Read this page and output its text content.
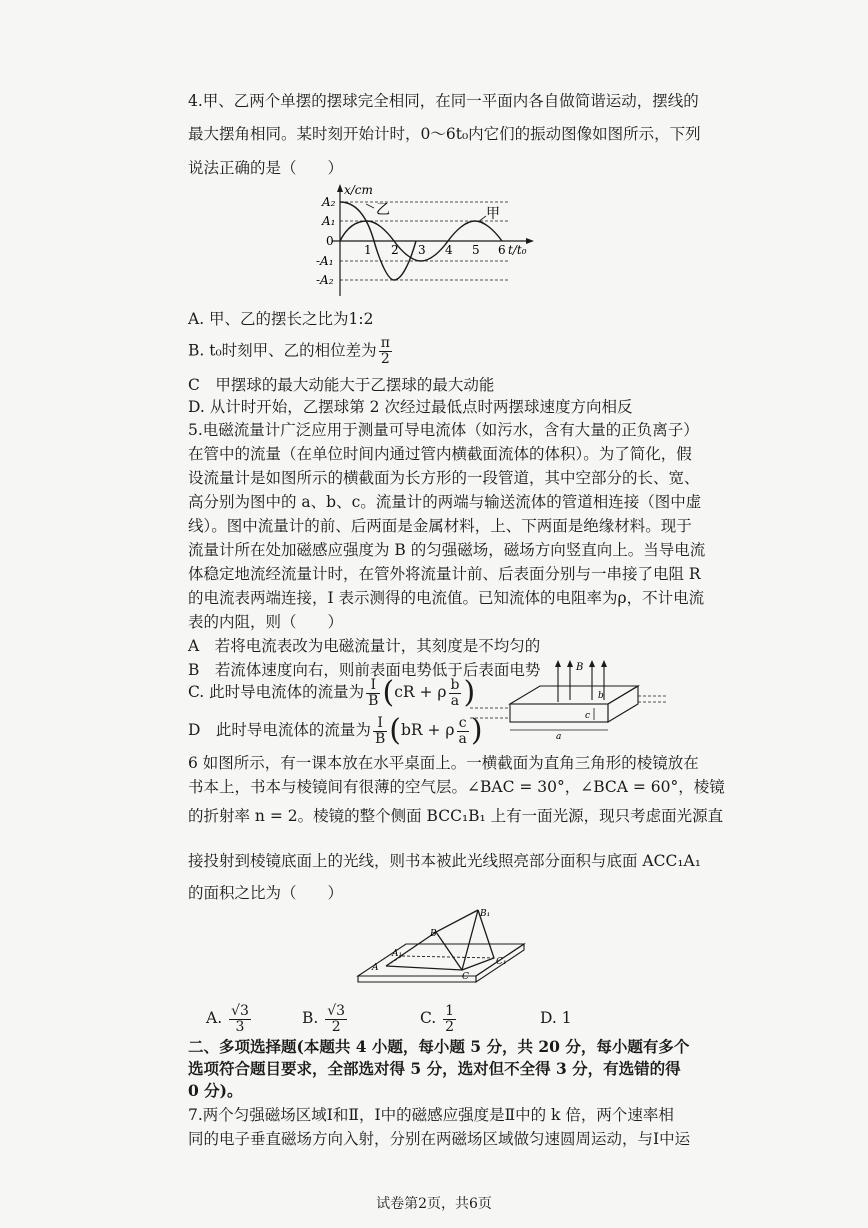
4.甲、乙两个单摆的摆球完全相同，在同一平面内各自做简谐运动，摆线的
最大摆角相同。某时刻开始计时，0～6t₀内它们的振动图像如图所示，下列
说法正确的是（　　）
x/cm
t/t₀
A₂
A₁
0
-A₁
-A₂
1 2 3 4 5 6
乙	甲
A. 甲、乙的摆长之比为1:2
B. t₀时刻甲、乙的相位差为 $\frac{\pi}{2}$
C　甲摆球的最大动能大于乙摆球的最大动能
D. 从计时开始，乙摆球第 2 次经过最低点时两摆球速度方向相反
5.电磁流量计广泛应用于测量可导电流体（如污水，含有大量的正负离子）
在管中的流量（在单位时间内通过管内横截面流体的体积）。为了简化，假
设流量计是如图所示的横截面为长方形的一段管道，其中空部分的长、宽、
高分别为图中的 a、b、c。流量计的两端与输送流体的管道相连接（图中虚
线）。图中流量计的前、后两面是金属材料，上、下两面是绝缘材料。现于
流量计所在处加磁感应强度为 B 的匀强磁场，磁场方向竖直向上。当导电流
体稳定地流经流量计时，在管外将流量计前、后表面分别与一串接了电阻 R
的电流表两端连接，I 表示测得的电流值。已知流体的电阻率为ρ，不计电流
表的内阻，则（　　）
A　若将电流表改为电磁流量计，其刻度是不均匀的
B　若流体速度向右，则前表面电势低于后表面电势
C. 此时导电流体的流量为 $\frac{I}{B} (cR + \rho \frac{b}{a}$ )
D　此时导电流体的流量为 $\frac{I}{B} (bR + \rho \frac{c}{a}$ )
B
a
b
c
6 如图所示，有一课本放在水平桌面上。一横截面为直角三角形的棱镜放在
书本上，书本与棱镜间有很薄的空气层。∠BAC = 30°，∠BCA = 60°，棱镜
的折射率 n = 2。棱镜的整个侧面 BCC₁B₁ 上有一面光源，现只考虑面光源直
接投射到棱镜底面上的光线，则书本被此光线照亮部分面积与底面 ACC₁A₁
的面积之比为（　　）
B₁
B
A₁
A
C₁
C
A. $\frac{√3}{3}$	B. $\frac{√3}{2}$	C. $\frac{1}{2}$	D. 1
二、多项选择题(本题共 4 小题，每小题 5 分，共 20 分，每小题有多个
选项符合题目要求，全部选对得 5 分，选对但不全得 3 分，有选错的得
0 分)。
7.两个匀强磁场区域Ⅰ和Ⅱ，Ⅰ中的磁感应强度是Ⅱ中的 k 倍，两个速率相
同的电子垂直磁场方向入射，分别在两磁场区域做匀速圆周运动，与Ⅰ中运
试卷第2页，共6页
